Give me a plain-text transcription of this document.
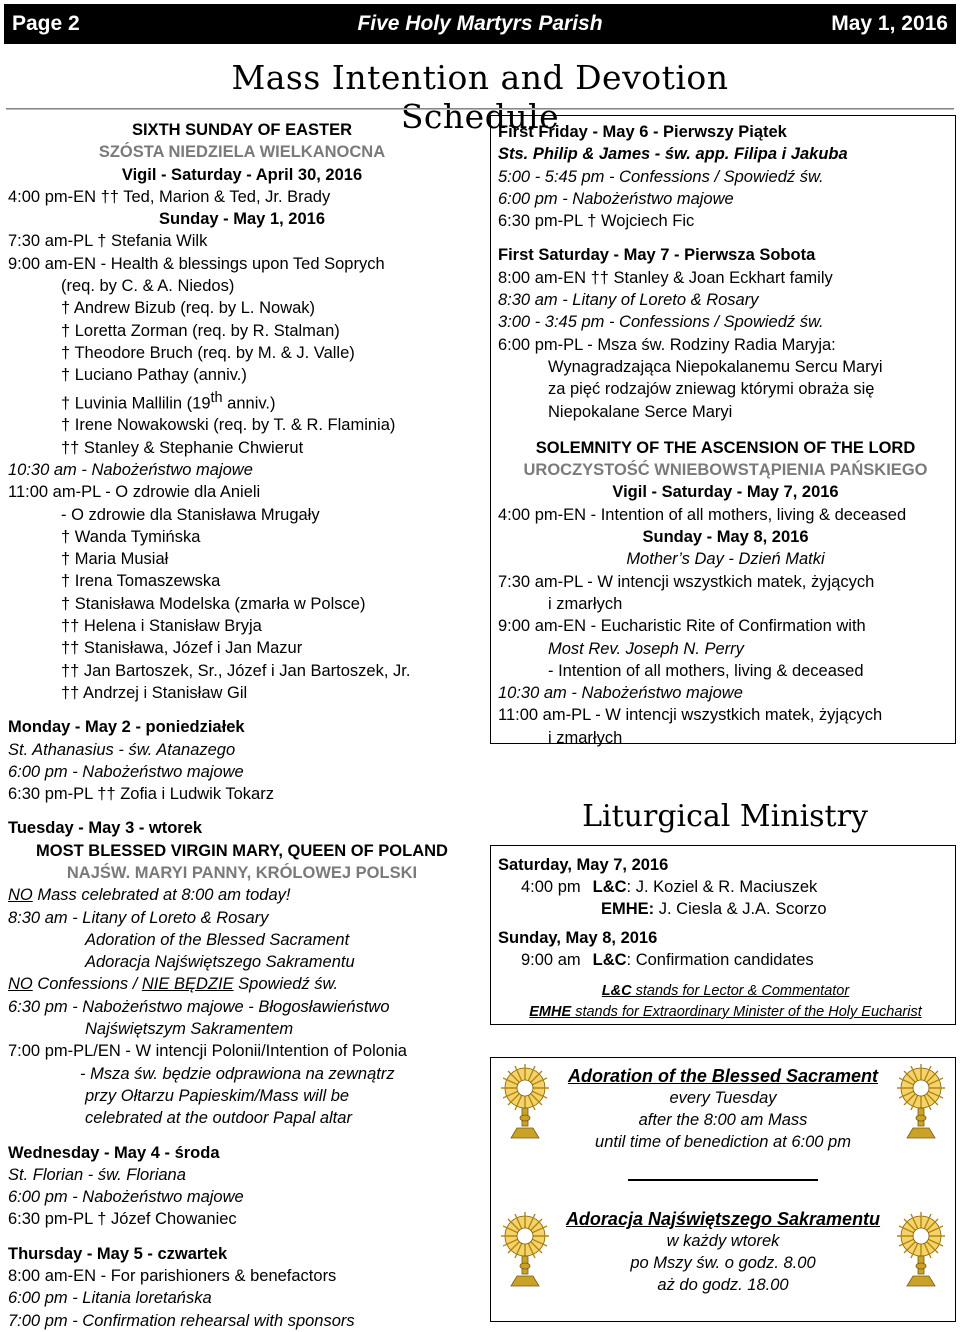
Five Holy Martyrs Parish
Page 2	May 1, 2016
Mass Intention and Devotion Schedule

SIXTH SUNDAY OF EASTER

SZÓSTA NIEDZIELA WIELKANOCNA

Vigil - Saturday - April 30, 2016

4:00 pm-EN †† Ted, Marion & Ted, Jr. Brady

Sunday - May 1, 2016

7:30 am-PL † Stefania Wilk

9:00 am-EN - Health & blessings upon Ted Soprych

(req. by C. & A. Niedos)

† Andrew Bizub (req. by L. Nowak)

† Loretta Zorman (req. by R. Stalman)

† Theodore Bruch (req. by M. & J. Valle)

† Luciano Pathay (anniv.)

† Luvinia Mallilin (19th anniv.)

† Irene Nowakowski (req. by T. & R. Flaminia)

†† Stanley & Stephanie Chwierut

10:30 am - Nabożeństwo majowe

11:00 am-PL - O zdrowie dla Anieli

- O zdrowie dla Stanisława Mrugały

† Wanda Tymińska

† Maria Musiał

† Irena Tomaszewska

† Stanisława Modelska (zmarła w Polsce)

†† Helena i Stanisław Bryja

†† Stanisława, Józef i Jan Mazur

†† Jan Bartoszek, Sr., Józef i Jan Bartoszek, Jr.

†† Andrzej i Stanisław Gil

Monday - May 2 - poniedziałek

St. Athanasius - św. Atanazego

6:00 pm - Nabożeństwo majowe

6:30 pm-PL †† Zofia i Ludwik Tokarz

Tuesday - May 3 - wtorek

MOST BLESSED VIRGIN MARY, QUEEN OF POLAND

NAJŚW. MARYI PANNY, KRÓLOWEJ POLSKI

NO Mass celebrated at 8:00 am today!

8:30 am - Litany of Loreto & Rosary

Adoration of the Blessed Sacrament

Adoracja Najświętszego Sakramentu

NO Confessions / NIE BĘDZIE Spowiedź św.

6:30 pm - Nabożeństwo majowe - Błogosławieństwo

Najświętszym Sakramentem

7:00 pm-PL/EN - W intencji Polonii/Intention of Polonia

- Msza św. będzie odprawiona na zewnątrz

przy Ołtarzu Papieskim/Mass will be

celebrated at the outdoor Papal altar

Wednesday - May 4 - środa

St. Florian - św. Floriana

6:00 pm - Nabożeństwo majowe

6:30 pm-PL † Józef Chowaniec

Thursday - May 5 - czwartek

8:00 am-EN - For parishioners & benefactors

6:00 pm - Litania loretańska

7:00 pm - Confirmation rehearsal with sponsors

First Friday - May 6 - Pierwszy Piątek

Sts. Philip & James - św. app. Filipa i Jakuba

5:00 - 5:45 pm - Confessions / Spowiedź św.

6:00 pm - Nabożeństwo majowe

6:30 pm-PL † Wojciech Fic

First Saturday - May 7 - Pierwsza Sobota

8:00 am-EN †† Stanley & Joan Eckhart family

8:30 am - Litany of Loreto & Rosary

3:00 - 3:45 pm - Confessions / Spowiedź św.

6:00 pm-PL - Msza św. Rodziny Radia Maryja:

Wynagradzająca Niepokalanemu Sercu Maryi

za pięć rodzajów zniewag którymi obraża się

Niepokalane Serce Maryi

SOLEMNITY OF THE ASCENSION OF THE LORD

UROCZYSTOŚĆ WNIEBOWSTĄPIENIA PAŃSKIEGO

Vigil - Saturday - May 7, 2016

4:00 pm-EN - Intention of all mothers, living & deceased

Sunday - May 8, 2016

Mother’s Day - Dzień Matki

7:30 am-PL - W intencji wszystkich matek, żyjących

i zmarłych

9:00 am-EN - Eucharistic Rite of Confirmation with

Most Rev. Joseph N. Perry

- Intention of all mothers, living & deceased

10:30 am - Nabożeństwo majowe

11:00 am-PL - W intencji wszystkich matek, żyjących

i zmarłych

Saturday, May 7, 2016

4:00 pm L&C: J. Koziel & R. Maciuszek

EMHE: J. Ciesla & J.A. Scorzo

Sunday, May 8, 2016

9:00 am L&C: Confirmation candidates

L&C stands for Lector & Commentator

EMHE stands for Extraordinary Minister of the Holy Eucharist

Liturgical Ministry

Adoration of the Blessed Sacrament

every Tuesday

after the 8:00 am Mass

until time of benediction at 6:00 pm

Adoracja Najświętszego Sakramentu

w każdy wtorek

po Mszy św. o godz. 8.00

aż do godz. 18.00
